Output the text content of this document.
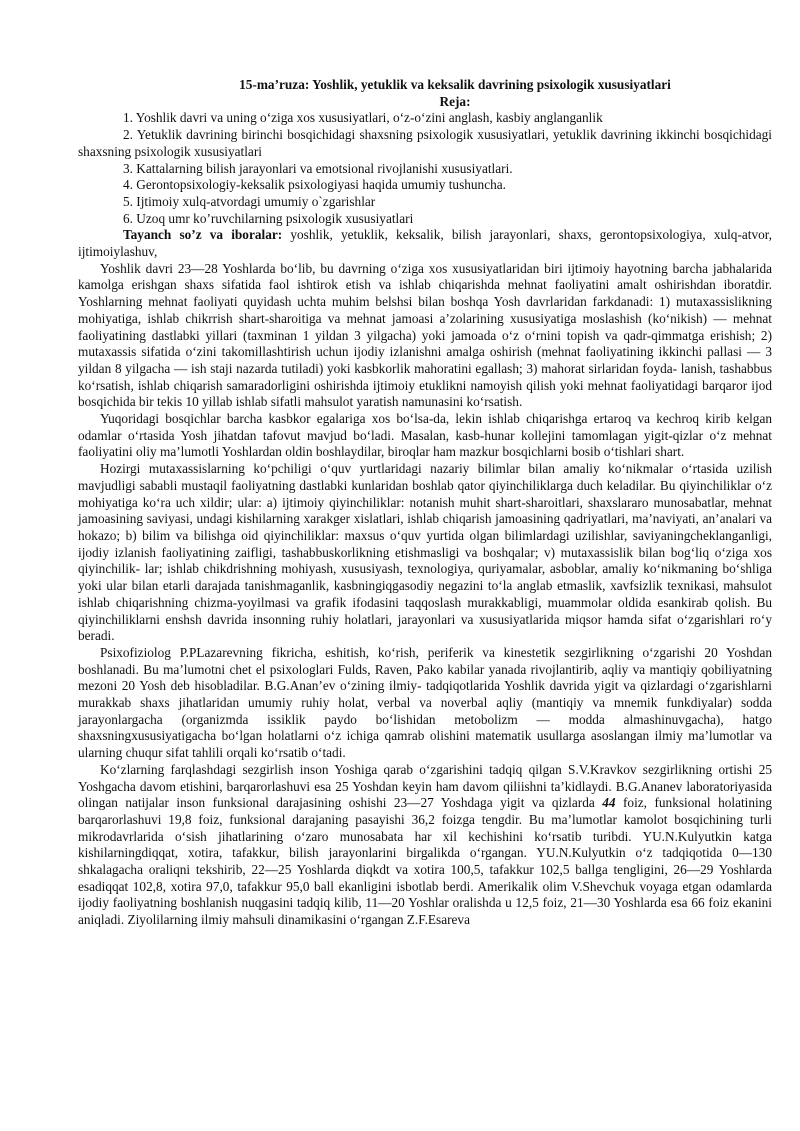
15-ma’ruza: Yoshlik, yetuklik va keksalik davrining psixologik xususiyatlari

Reja:

1. Yoshlik davri va uning o‘ziga xos xususiyatlari, o‘z-o‘zini anglash, kasbiy anglanganlik

2. Yetuklik davrining birinchi bosqichidagi shaxsning psixologik xususiyatlari, yetuklik davrining ikkinchi bosqichidagi shaxsning psixologik xususiyatlari

3. Kattalarning bilish jarayonlari va emotsional rivojlanishi xususiyatlari.

4. Gerontopsixologiy-keksalik psixologiyasi haqida umumiy tushuncha.

5. Ijtimoiy xulq-atvordagi umumiy o`zgarishlar

6. Uzoq umr ko’ruvchilarning psixologik xususiyatlari

Tayanch so’z va iboralar: yoshlik, yetuklik, keksalik, bilish jarayonlari, shaxs, gerontopsixologiya, xulq-atvor, ijtimoiylashuv,

Yoshlik davri 23—28 Yoshlarda bo‘lib, bu davrning o‘ziga xos xususiyatlaridan biri ijtimoiy hayotning barcha jabhalarida kamolga erishgan shaxs sifatida faol ishtirok etish va ishlab chiqarishda mehnat faoliyatini amalt oshirishdan iboratdir. Yoshlarning mehnat faoliyati quyidash uchta muhim belshsi bilan boshqa Yosh davrlaridan farkdanadi: 1) mutaxassislikning mohiyatiga, ishlab chikrrish shart-sharoitiga va mehnat jamoasi a’zolarining xususiyatiga moslashish (ko‘nikish) — mehnat faoliyatining dastlabki yillari (taxminan 1 yildan 3 yilgacha) yoki jamoada o‘z o‘rnini topish va qadr-qimmatga erishish; 2) mutaxassis sifatida o‘zini takomillashtirish uchun ijodiy izlanishni amalga oshirish (mehnat faoliyatining ikkinchi pallasi — 3 yildan 8 yilgacha — ish staji nazarda tutiladi) yoki kasbkorlik mahoratini egallash; 3) mahorat sirlaridan foyda- lanish, tashabbus ko‘rsatish, ishlab chiqarish samaradorligini oshirishda ijtimoiy etuklikni namoyish qilish yoki mehnat faoliyatidagi barqaror ijod bosqichida bir tekis 10 yillab ishlab sifatli mahsulot yaratish namunasini ko‘rsatish.

Yuqoridagi bosqichlar barcha kasbkor egalariga xos bo‘lsa-da, lekin ishlab chiqarishga ertaroq va kechroq kirib kelgan odamlar o‘rtasida Yosh jihatdan tafovut mavjud bo‘ladi. Masalan, kasb-hunar kollejini tamomlagan yigit-qizlar o‘z mehnat faoliyatini oliy ma’lumotli Yoshlardan oldin boshlaydilar, biroqlar ham mazkur bosqichlarni bosib o‘tishlari shart.

Hozirgi mutaxassislarning ko‘pchiligi o‘quv yurtlaridagi nazariy bilimlar bilan amaliy ko‘nikmalar o‘rtasida uzilish mavjudligi sababli mustaqil faoliyatning dastlabki kunlaridan boshlab qator qiyinchiliklarga duch keladilar. Bu qiyinchiliklar o‘z mohiyatiga ko‘ra uch xildir; ular: a) ijtimoiy qiyinchiliklar: notanish muhit shart-sharoitlari, shaxslararo munosabatlar, mehnat jamoasining saviyasi, undagi kishilarning xarakger xislatlari, ishlab chiqarish jamoasining qadriyatlari, ma’naviyati, an’analari va hokazo; b) bilim va bilishga oid qiyinchiliklar: maxsus o‘quv yurtida olgan bilimlardagi uzilishlar, saviyaningcheklanganligi, ijodiy izlanish faoliyatining zaifligi, tashabbuskorlikning etishmasligi va boshqalar; v) mutaxassislik bilan bog‘liq o‘ziga xos qiyinchilik- lar; ishlab chikdrishning mohiyash, xususiyash, texnologiya, quriyamalar, asboblar, amaliy ko‘nikmaning bo‘shliga yoki ular bilan etarli darajada tanishmaganlik, kasbningiqgasodiy negazini to‘la anglab etmaslik, xavfsizlik texnikasi, mahsulot ishlab chiqarishning chizma-yoyilmasi va grafik ifodasini taqqoslash murakkabligi, muammolar oldida esankirab qolish. Bu qiyinchiliklarni enshsh davrida insonning ruhiy holatlari, jarayonlari va xususiyatlarida miqsor hamda sifat o‘zgarishlari ro‘y beradi.

Psixofiziolog P.PLazarevning fikricha, eshitish, ko‘rish, periferik va kinestetik sezgirlikning o‘zgarishi 20 Yoshdan boshlanadi. Bu ma’lumotni chet el psixologlari Fulds, Raven, Pako kabilar yanada rivojlantirib, aqliy va mantiqiy qobiliyatning mezoni 20 Yosh deb hisobladilar. B.G.Anan’ev o‘zining ilmiy- tadqiqotlarida Yoshlik davrida yigit va qizlardagi o‘zgarishlarni murakkab shaxs jihatlaridan umumiy ruhiy holat, verbal va noverbal aqliy (mantiqiy va mnemik funkdiyalar) sodda jarayonlargacha (organizmda issiklik paydo bo‘lishidan metobolizm — modda almashinuvgacha), hatgo shaxsningxususiyatigacha bo‘lgan holatlarni o‘z ichiga qamrab olishini matematik usullarga asoslangan ilmiy ma’lumotlar va ularning chuqur sifat tahlili orqali ko‘rsatib o‘tadi.

Ko‘zlarning farqlashdagi sezgirlish inson Yoshiga qarab o‘zgarishini tadqiq qilgan S.V.Kravkov sezgirlikning ortishi 25 Yoshgacha davom etishini, barqarorlashuvi esa 25 Yoshdan keyin ham davom qiliishni ta’kidlaydi. B.G.Ananev laboratoriyasida olingan natijalar inson funksional darajasining oshishi 23—27 Yoshdaga yigit va qizlarda 44 foiz, funksional holatining barqarorlashuvi 19,8 foiz, funksional darajaning pasayishi 36,2 foizga tengdir. Bu ma’lumotlar kamolot bosqichining turli mikrodavrlarida o‘sish jihatlarining o‘zaro munosabata har xil kechishini ko‘rsatib turibdi. YU.N.Kulyutkin katga kishilarningdiqqat, xotira, tafakkur, bilish jarayonlarini birgalikda o‘rgangan. YU.N.Kulyutkin o‘z tadqiqotida 0—130 shkalagacha oraliqni tekshirib, 22—25 Yoshlarda diqkdt va xotira 100,5, tafakkur 102,5 ballga tengligini, 26—29 Yoshlarda esadiqqat 102,8, xotira 97,0, tafakkur 95,0 ball ekanligini isbotlab berdi. Amerikalik olim V.Shevchuk voyaga etgan odamlarda ijodiy faoliyatning boshlanish nuqgasini tadqiq kilib, 11—20 Yoshlar oralishda u 12,5 foiz, 21—30 Yoshlarda esa 66 foiz ekanini aniqladi. Ziyolilarning ilmiy mahsuli dinamikasini o‘rgangan Z.F.Esareva
